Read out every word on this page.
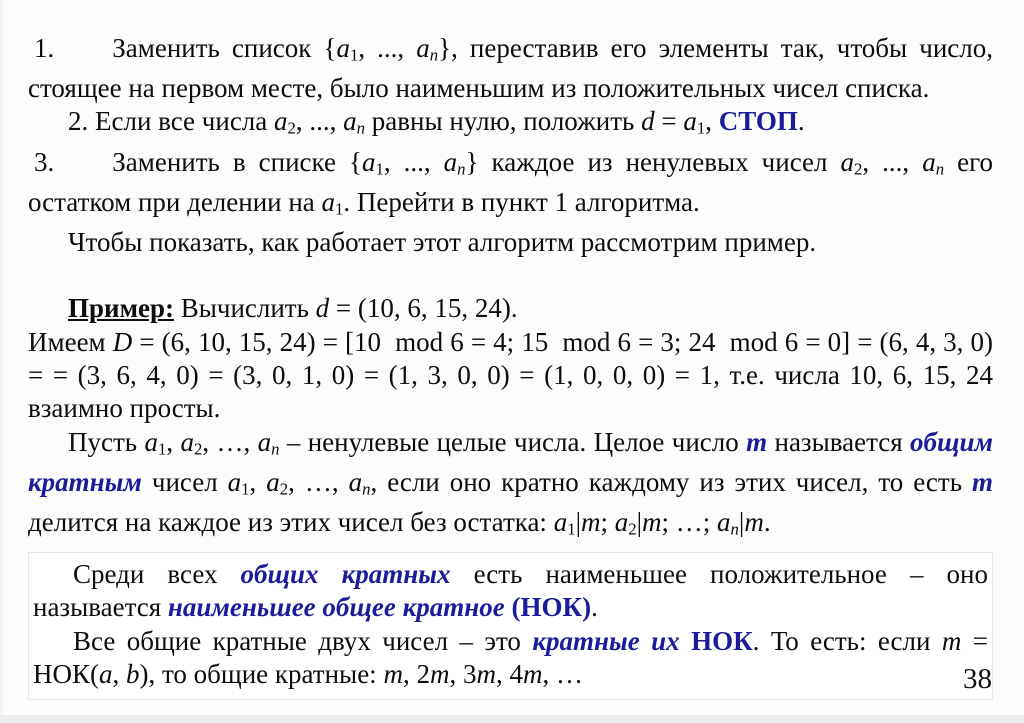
1. Заменить список {a1, ..., an}, переставив его элементы так, чтобы число, стоящее на первом месте, было наименьшим из положительных чисел списка.

2. Если все числа a2, ..., an равны нулю, положить d = a1, СТОП.

3. Заменить в списке {a1, ..., an} каждое из ненулевых чисел a2, ..., an его остатком при делении на a1. Перейти в пункт 1 алгоритма.

Чтобы показать, как работает этот алгоритм рассмотрим пример.

Пример: Вычислить d = (10, 6, 15, 24).

Имеем D = (6, 10, 15, 24) = [10  mod 6 = 4; 15  mod 6 = 3; 24  mod 6 = 0] = (6, 4, 3, 0) = = (3, 6, 4, 0) = (3, 0, 1, 0) = (1, 3, 0, 0) = (1, 0, 0, 0) = 1, т.е. числа 10, 6, 15, 24 взаимно просты.

Пусть a1, a2, …, an – ненулевые целые числа. Целое число m называется общим кратным чисел a1, a2, …, an, если оно кратно каждому из этих чисел, то есть m делится на каждое из этих чисел без остатка: a1|m; a2|m; …; an|m.

Среди всех общих кратных есть наименьшее положительное – оно называется наименьшее общее кратное (НОК).

Все общие кратные двух чисел – это кратные их НОК. То есть: если m = НОК(a, b), то общие кратные: m, 2m, 3m, 4m, …	38
